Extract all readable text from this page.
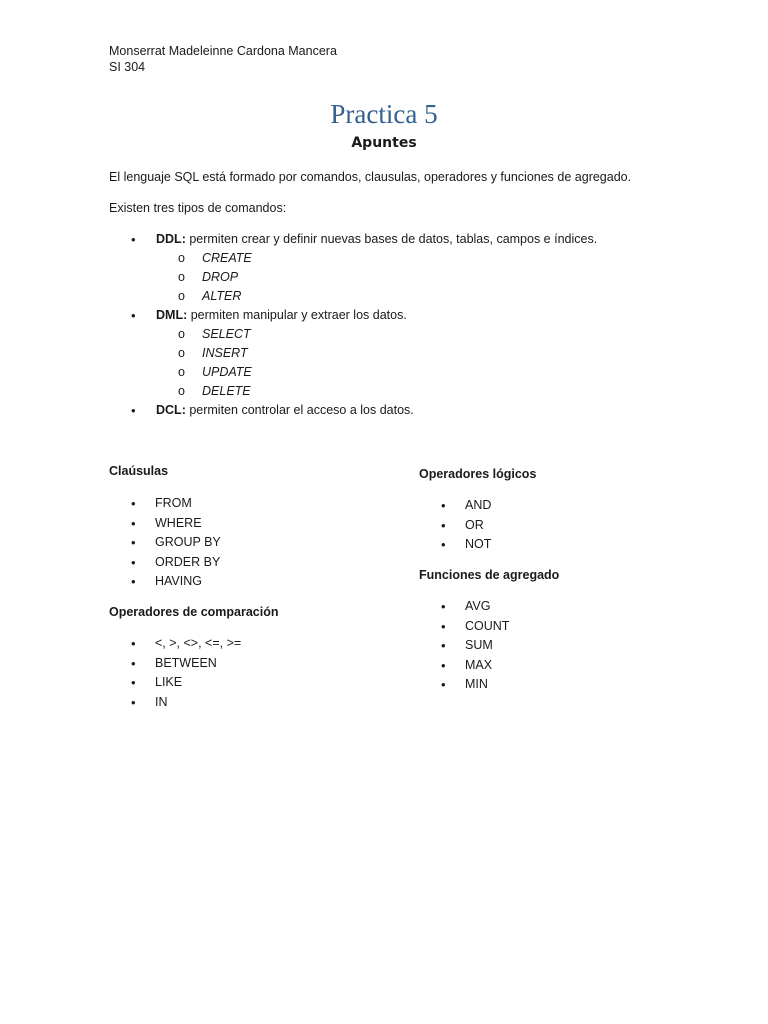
Monserrat Madeleinne Cardona Mancera
SI 304
Practica 5
Apuntes
El lenguaje SQL está formado por comandos, clausulas, operadores y funciones de agregado.
Existen tres tipos de comandos:
• DDL: permiten crear y definir nuevas bases de datos, tablas, campos e índices.
o CREATE
o DROP
o ALTER
• DML: permiten manipular y extraer los datos.
o SELECT
o INSERT
o UPDATE
o DELETE
• DCL: permiten controlar el acceso a los datos.
Claúsulas
• FROM
• WHERE
• GROUP BY
• ORDER BY
• HAVING
Operadores de comparación
• <, >, <>, <=, >=
• BETWEEN
• LIKE
• IN
Operadores lógicos
• AND
• OR
• NOT
Funciones de agregado
• AVG
• COUNT
• SUM
• MAX
• MIN
